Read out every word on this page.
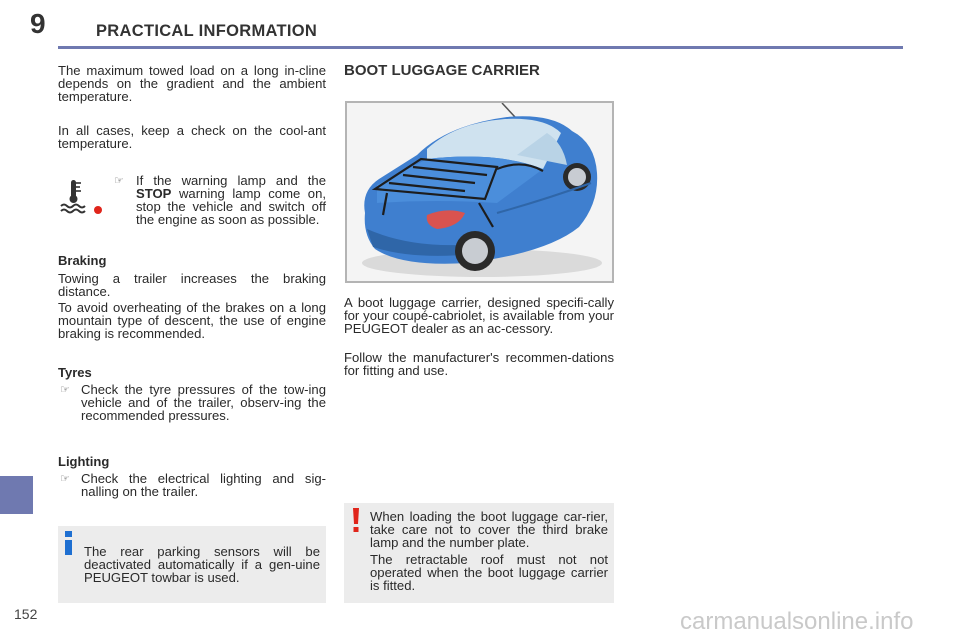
9	PRACTICAL INFORMATION
The maximum towed load on a long in-cline depends on the gradient and the ambient temperature.
In all cases, keep a check on the cool-ant temperature.
☞ If the warning lamp and the STOP warning lamp come on, stop the vehicle and switch off the engine as soon as possible.
Braking
Towing a trailer increases the braking distance.
To avoid overheating of the brakes on a long mountain type of descent, the use of engine braking is recommended.
Tyres
☞ Check the tyre pressures of the tow-ing vehicle and of the trailer, observ-ing the recommended pressures.
Lighting
☞ Check the electrical lighting and sig-nalling on the trailer.
The rear parking sensors will be deactivated automatically if a gen-uine PEUGEOT towbar is used.
BOOT LUGGAGE CARRIER
A boot luggage carrier, designed specifi-cally for your coupé-cabriolet, is available from your PEUGEOT dealer as an ac-cessory.
Follow the manufacturer's recommen-dations for fitting and use.
When loading the boot luggage car-rier, take care not to cover the third brake lamp and the number plate.
The retractable roof must not not operated when the boot luggage carrier is fitted.
152	carmanualsonline.info
